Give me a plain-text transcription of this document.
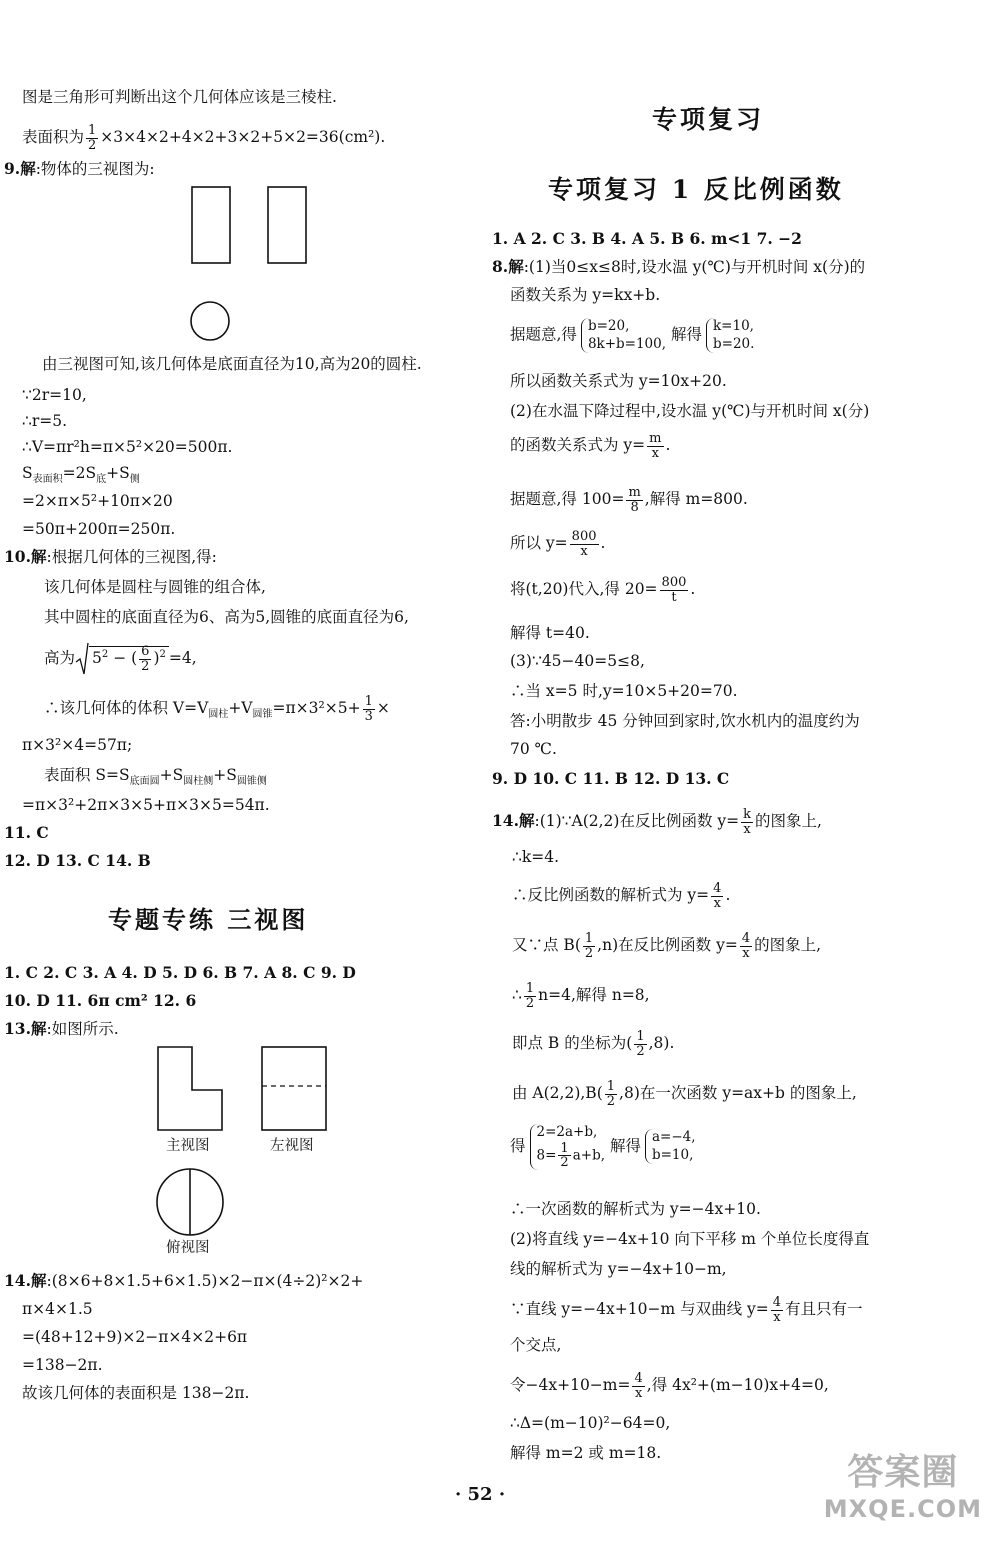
图是三角形可判断出这个几何体应该是三棱柱.
表面积为 $\frac{1}{2} \times 3\times 4\times 2+4\times 2+3\times 2+5\times 2=36(cm^2)$.
9.解:物体的三视图为:
由三视图可知,该几何体是底面直径为10,高为20的圆柱.
∵2r=10,
∴r=5.
∴V=πr²h=π×5²×20=500π.
$S_{表面积}=2S_底+S_侧$
=2×π×5²+10π×20
=50π+200π=250π.
10.解:根据几何体的三视图,得:
该几何体是圆柱与圆锥的组合体,
其中圆柱的底面直径为6、高为5,圆锥的底面直径为6,
高为 $5^2$ − ( $\frac{6}{2} )^2 =4$,
∴该几何体的体积 $V=V_{圆柱}+V_{圆锥}=\pi\times 3^2\times 5+ \frac{1}{3}$ ×
π×3²×4=57π;
表面积 $S=S_{底面圆}+S_{圆柱侧}+S_{圆锥侧}$
=π×3²+2π×3×5+π×3×5=54π.
11. C
12. D 13. C 14. B
专题专练 三视图
1. C 2. C 3. A 4. D 5. D 6. B 7. A 8. C 9. D
10. D 11. 6π cm² 12. 6
13.解:如图所示.
主视图	左视图
俯视图
14.解:(8×6+8×1.5+6×1.5)×2−π×(4÷2)²×2+
π×4×1.5
=(48+12+9)×2−π×4×2+6π
=138−2π.
故该几何体的表面积是 138−2π.
专项复习
专项复习 1 反比例函数
1. A 2. C 3. B 4. A 5. B 6. m<1 7. −2
8.解:(1)当0≤x≤8时,设水温 y(℃)与开机时间 x(分)的
函数关系为 y=kx+b.
据题意,得 b=20,
8k+b=100, 解得 k=10,
b=20.
所以函数关系式为 y=10x+20.
(2)在水温下降过程中,设水温 y(℃)与开机时间 x(分)
的函数关系式为 $y= \frac{m}{x}$ .
据题意,得 $100= \frac{m}{8}$ ,解得 m=800.
所以 $y= \frac{800}{x}$ .
将(t,20)代入,得 $20= \frac{800}{t}$ .
解得 t=40.
(3)∵45−40=5≤8,
∴当 x=5 时,y=10×5+20=70.
答:小明散步 45 分钟回到家时,饮水机内的温度约为
70 ℃.
9. D 10. C 11. B 12. D 13. C
14.解:(1)∵A(2,2)在反比例函数 $y= \frac{k}{x}$ 的图象上,
∴k=4.
∴反比例函数的解析式为 $y= \frac{4}{x}$ .
又∵点 $B( \frac{1}{2} ,n)$在反比例函数 $y= \frac{4}{x}$ 的图象上,
∴ $\frac{1}{2} n=4$,解得 n=8,
即点 B 的坐标为( $\frac{1}{2} ,8$).
由 $A(2,2),B( \frac{1}{2} ,8)$在一次函数 y=ax+b 的图象上,
得
2=2a+b,
$8= \frac{1}{2} a+b$,
解得 a=−4,
b=10,
∴一次函数的解析式为 y=−4x+10.
(2)将直线 y=−4x+10 向下平移 m 个单位长度得直
线的解析式为 y=−4x+10−m,
∵直线 y=−4x+10−m 与双曲线 $y= \frac{4}{x}$ 有且只有一
个交点,
令$-4x+10-m= \frac{4}{x}$ ,得 4x²+(m−10)x+4=0,
∴Δ=(m−10)²−64=0,
解得 m=2 或 m=18.
· 52 ·
答案圈
MXQE.COM
